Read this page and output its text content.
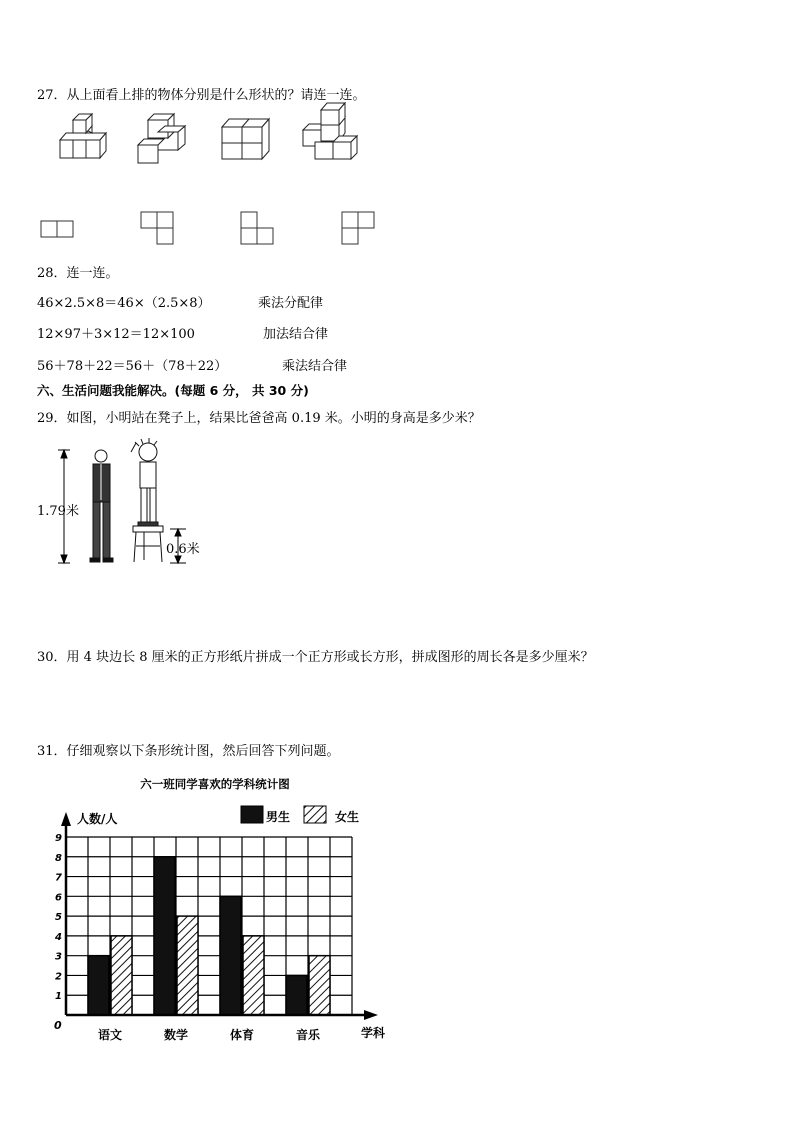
27．从上面看上排的物体分别是什么形状的？请连一连。
28．连一连。
46×2.5×8＝46×（2.5×8）	乘法分配律
12×97＋3×12＝12×100	加法结合律
56＋78＋22＝56＋（78＋22）	乘法结合律
六、生活问题我能解决。(每题 6 分， 共 30 分)
29．如图，小明站在凳子上，结果比爸爸高 0.19 米。小明的身高是多少米？
1.79米
0.6米
30．用 4 块边长 8 厘米的正方形纸片拼成一个正方形或长方形，拼成图形的周长各是多少厘米？
31．仔细观察以下条形统计图，然后回答下列问题。
六一班同学喜欢的学科统计图
人数/人
学科
0
男生	女生
1
2
3
4
5
6
7
8
9
语文	数学	体育	音乐
